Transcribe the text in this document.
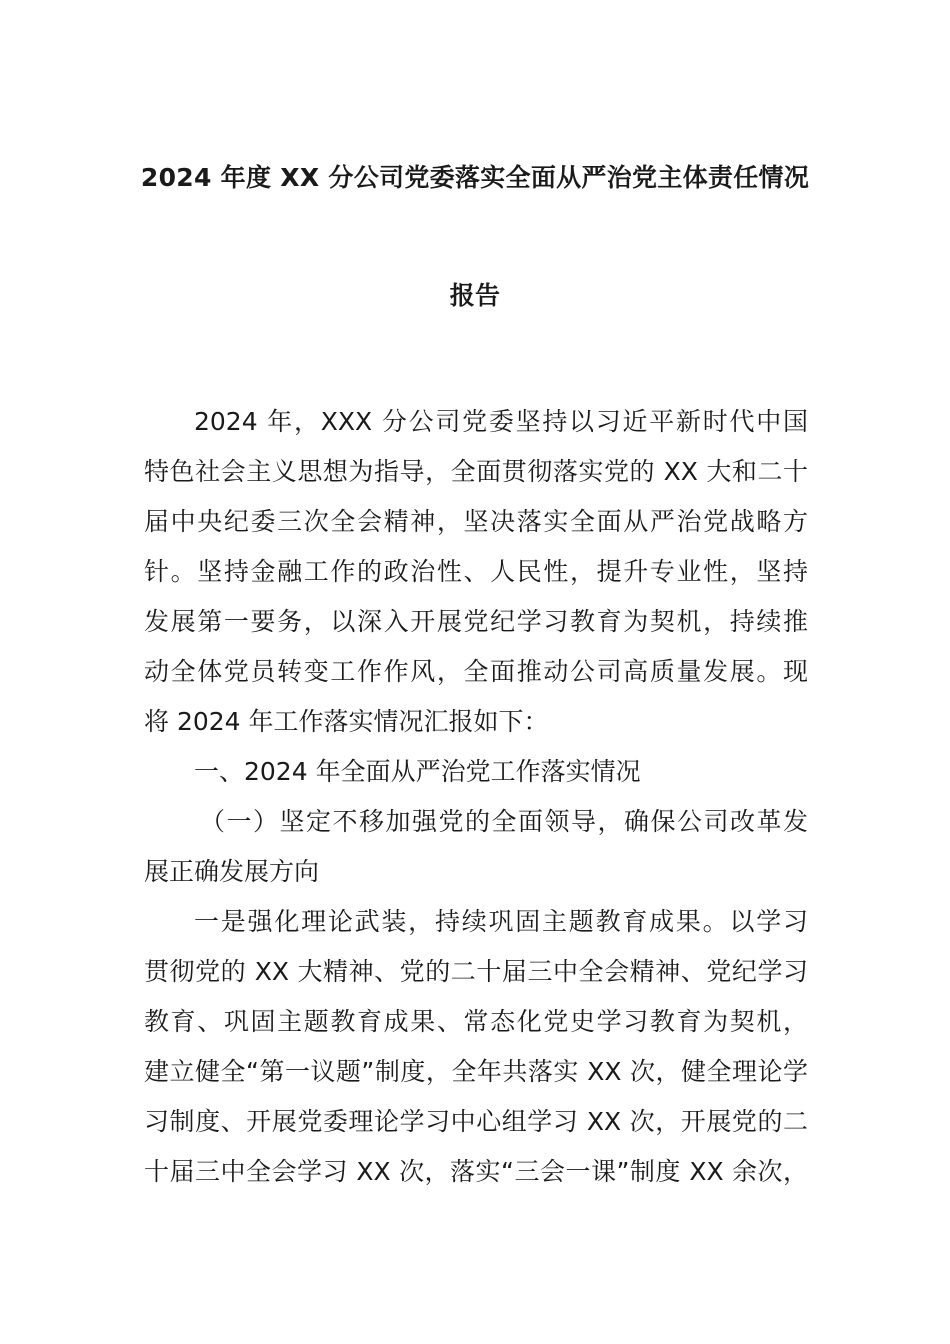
2024 年度 XX 分公司党委落实全面从严治党主体责任情况
报告

2024 年，XXX 分公司党委坚持以习近平新时代中国

特色社会主义思想为指导，全面贯彻落实党的 XX 大和二十

届中央纪委三次全会精神，坚决落实全面从严治党战略方

针。坚持金融工作的政治性、人民性，提升专业性，坚持

发展第一要务，以深入开展党纪学习教育为契机，持续推

动全体党员转变工作作风，全面推动公司高质量发展。现

将 2024 年工作落实情况汇报如下：

一、2024 年全面从严治党工作落实情况

（一）坚定不移加强党的全面领导，确保公司改革发

展正确发展方向

一是强化理论武装，持续巩固主题教育成果。以学习

贯彻党的 XX 大精神、党的二十届三中全会精神、党纪学习

教育、巩固主题教育成果、常态化党史学习教育为契机，

建立健全“第一议题”制度，全年共落实 XX 次，健全理论学

习制度、开展党委理论学习中心组学习 XX 次，开展党的二

十届三中全会学习 XX 次，落实“三会一课”制度 XX 余次，
